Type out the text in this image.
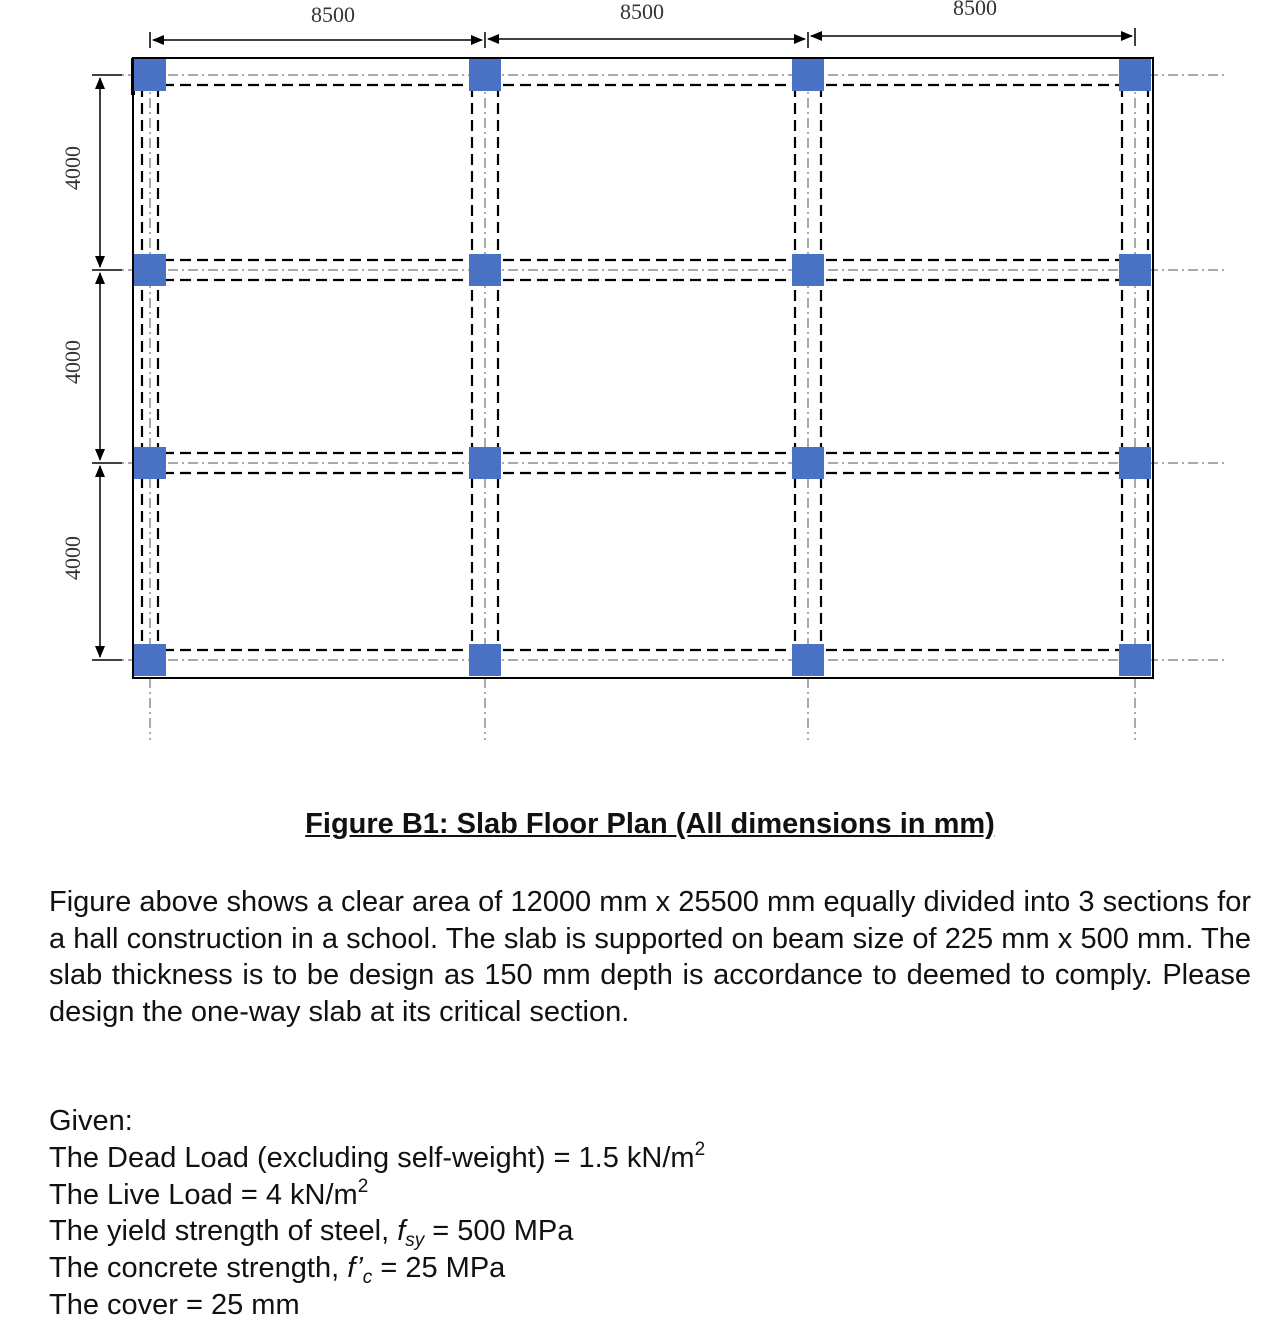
8500	8500	8500
4000
4000
4000
Figure B1: Slab Floor Plan (All dimensions in mm)
Figure above shows a clear area of 12000 mm x 25500 mm equally divided into 3 sections for a hall construction in a school. The slab is supported on beam size of 225 mm x 500 mm. The slab thickness is to be design as 150 mm depth is accordance to deemed to comply. Please design the one-way slab at its critical section.
Given:
The Dead Load (excluding self-weight) = 1.5 $kN/m^2$
The Live Load = 4 $kN/m^2$
The yield strength of steel, $f_{sy} = 500$ MPa
The concrete strength, $f’_c = 25$ MPa
The cover = 25 mm
